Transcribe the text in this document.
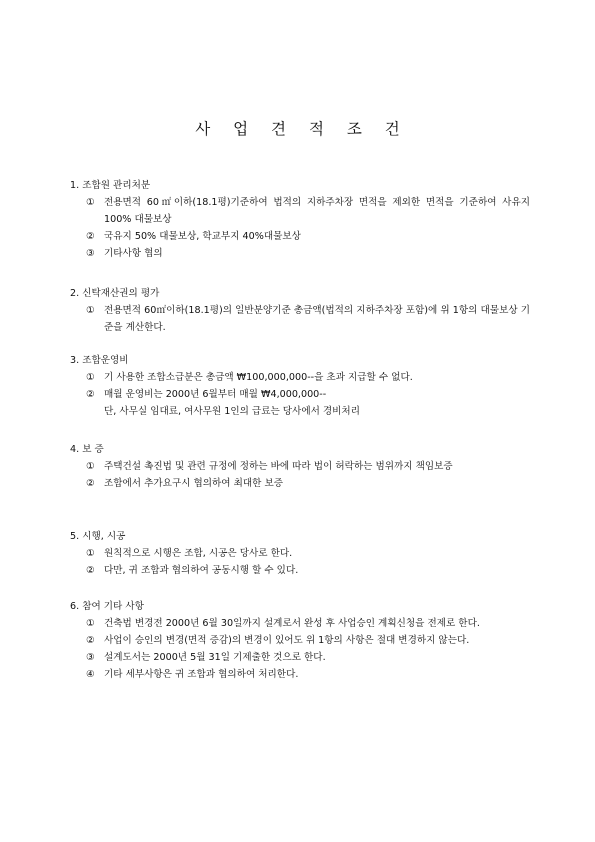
사 업 견 적 조 건

1. 조합원 관리처분

① 전용면적 60㎡이하(18.1평)기준하여 법적의 지하주차장 면적을 제외한 면적을 기준하여 사유지 100% 대물보상

② 국유지 50% 대물보상, 학교부지 40%대물보상

③ 기타사항 협의

2. 신탁재산권의 평가

① 전용면적 60㎡이하(18.1평)의 일반분양기준 총금액(법적의 지하주차장 포함)에 위 1항의 대물보상 기준을 계산한다.

3. 조합운영비

① 기 사용한 조합소급분은 총금액 ₩100,000,000--을 초과 지급할 수 없다.

② 매월 운영비는 2000년 6월부터 매월 ₩4,000,000--
단, 사무실 임대료, 여사무원 1인의 급료는 당사에서 경비처리

4. 보 증

① 주택건설 촉진법 및 관련 규정에 정하는 바에 따라 법이 허락하는 범위까지 책임보증

② 조합에서 추가요구시 협의하여 최대한 보증

5. 시행, 시공

① 원칙적으로 시행은 조합, 시공은 당사로 한다.

② 다만, 귀 조합과 협의하여 공동시행 할 수 있다.

6. 참여 기타 사항

① 건축법 변경전 2000년 6월 30일까지 설계로서 완성 후 사업승인 계획신청을 전제로 한다.

② 사업이 승인의 변경(면적 증감)의 변경이 있어도 위 1항의 사항은 절대 변경하지 않는다.

③ 설계도서는 2000년 5월 31일 기제출한 것으로 한다.

④ 기타 세부사항은 귀 조합과 협의하여 처리한다.
